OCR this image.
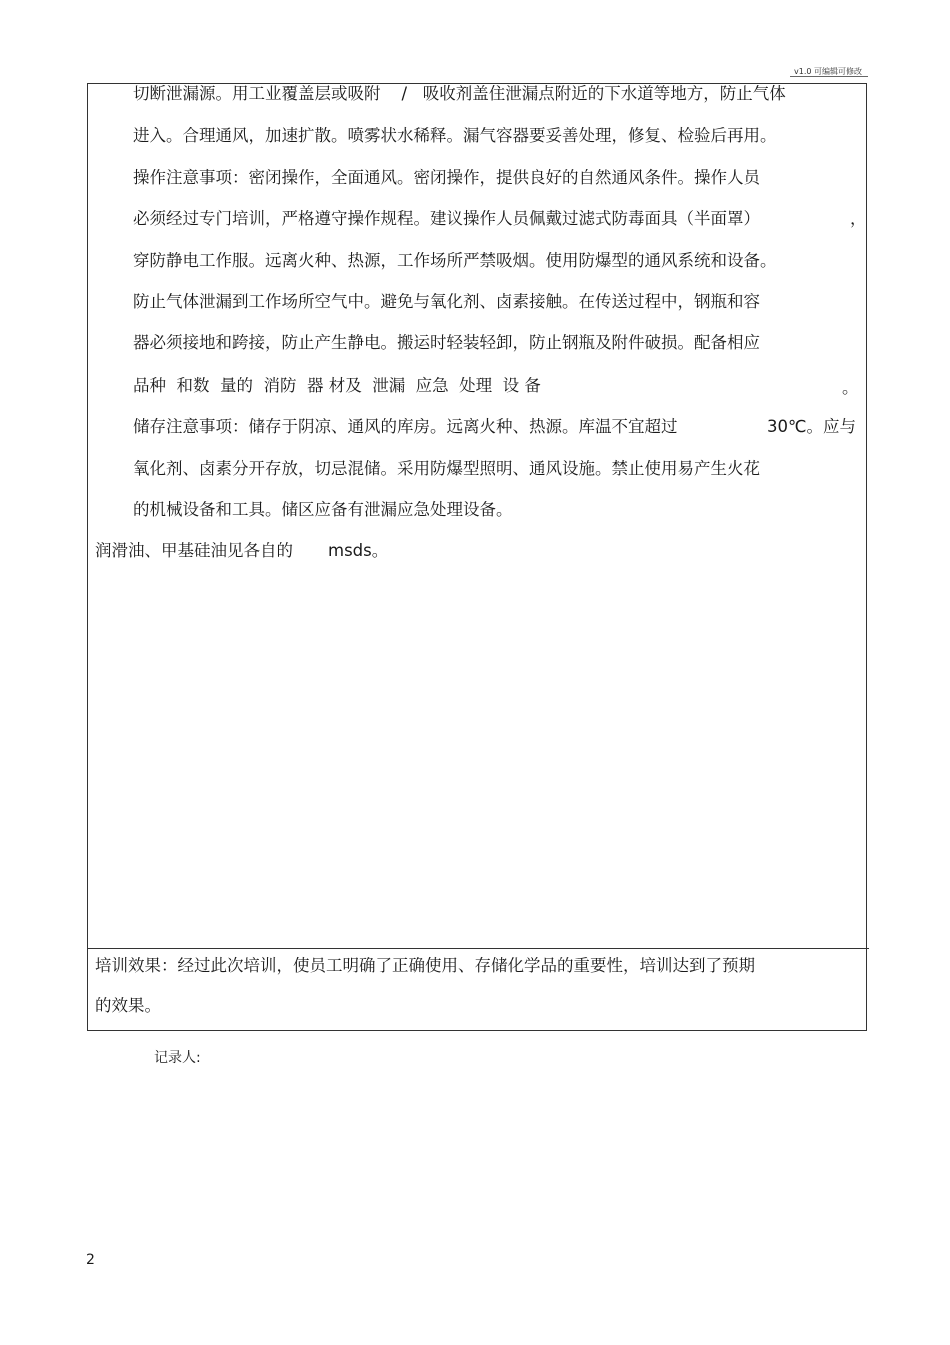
v1.0 可编辑可修改
切断泄漏源。用工业覆盖层或吸附    /   吸收剂盖住泄漏点附近的下水道等地方，防止气体
进入。合理通风，加速扩散。喷雾状水稀释。漏气容器要妥善处理，修复、检验后再用。
操作注意事项：密闭操作，全面通风。密闭操作，提供良好的自然通风条件。操作人员
必须经过专门培训，严格遵守操作规程。建议操作人员佩戴过滤式防毒面具（半面罩）	，
穿防静电工作服。远离火种、热源，工作场所严禁吸烟。使用防爆型的通风系统和设备。
防止气体泄漏到工作场所空气中。避免与氧化剂、卤素接触。在传送过程中，钢瓶和容
器必须接地和跨接，防止产生静电。搬运时轻装轻卸，防止钢瓶及附件破损。配备相应
品种  和数  量的  消防  器 材及  泄漏  应急  处理  设 备	。
储存注意事项：储存于阴凉、通风的库房。远离火种、热源。库温不宜超过	30℃。应与
氧化剂、卤素分开存放，切忌混储。采用防爆型照明、通风设施。禁止使用易产生火花
的机械设备和工具。储区应备有泄漏应急处理设备。
润滑油、甲基硅油见各自的 msds。
培训效果：经过此次培训，使员工明确了正确使用、存储化学品的重要性，培训达到了预期
的效果。
记录人:
2
